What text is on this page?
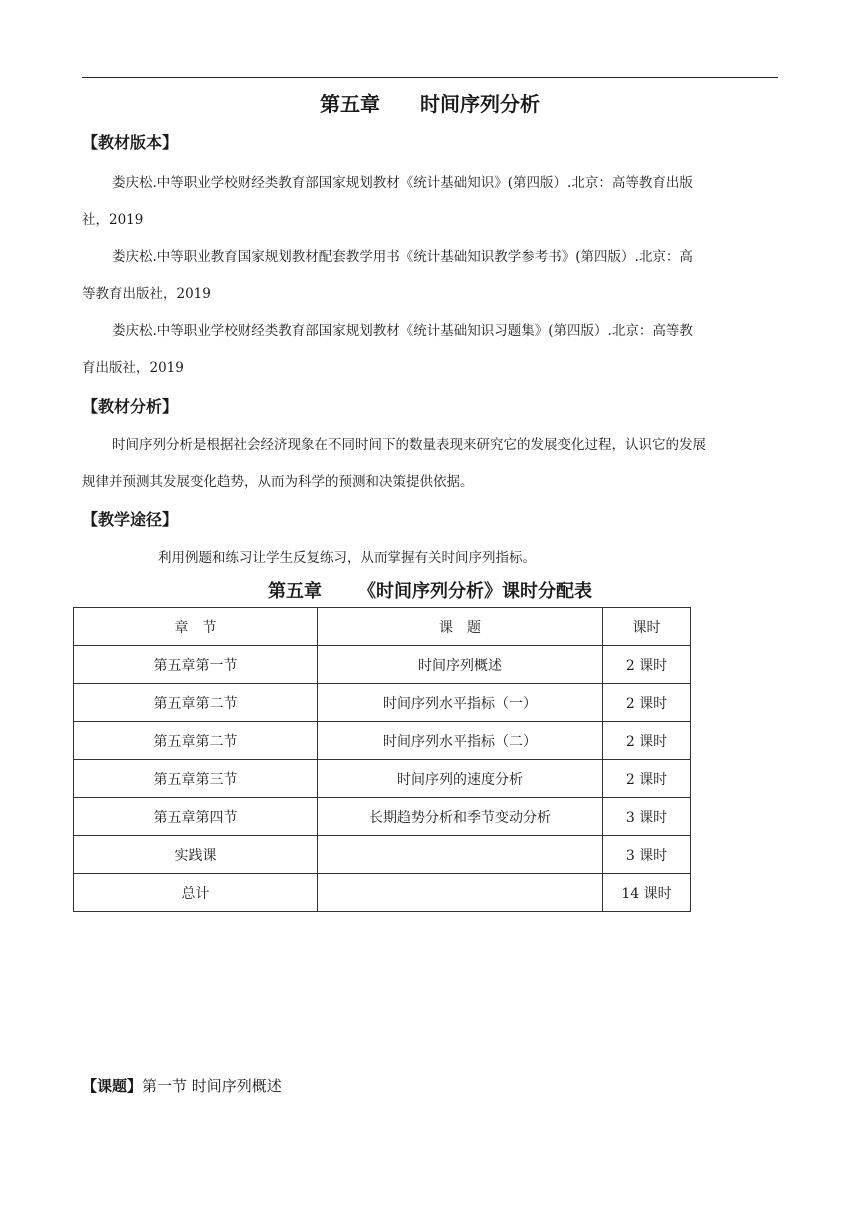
第五章 时间序列分析
【教材版本】
娄庆松.中等职业学校财经类教育部国家规划教材《统计基础知识》(第四版）.北京：高等教育出版
社，2019
娄庆松.中等职业教育国家规划教材配套教学用书《统计基础知识教学参考书》(第四版）.北京：高
等教育出版社，2019
娄庆松.中等职业学校财经类教育部国家规划教材《统计基础知识习题集》(第四版）.北京：高等教
育出版社，2019
【教材分析】
时间序列分析是根据社会经济现象在不同时间下的数量表现来研究它的发展变化过程，认识它的发展
规律并预测其发展变化趋势，从而为科学的预测和决策提供依据。
【教学途径】
利用例题和练习让学生反复练习，从而掌握有关时间序列指标。
第五章 《时间序列分析》课时分配表
章　节	课　题	课时
第五章第一节	时间序列概述	2 课时
第五章第二节	时间序列水平指标（一）	2 课时
第五章第二节	时间序列水平指标（二）	2 课时
第五章第三节	时间序列的速度分析	2 课时
第五章第四节	长期趋势分析和季节变动分析	3 课时
实践课		3 课时
总计		14 课时
【课题】第一节 时间序列概述
